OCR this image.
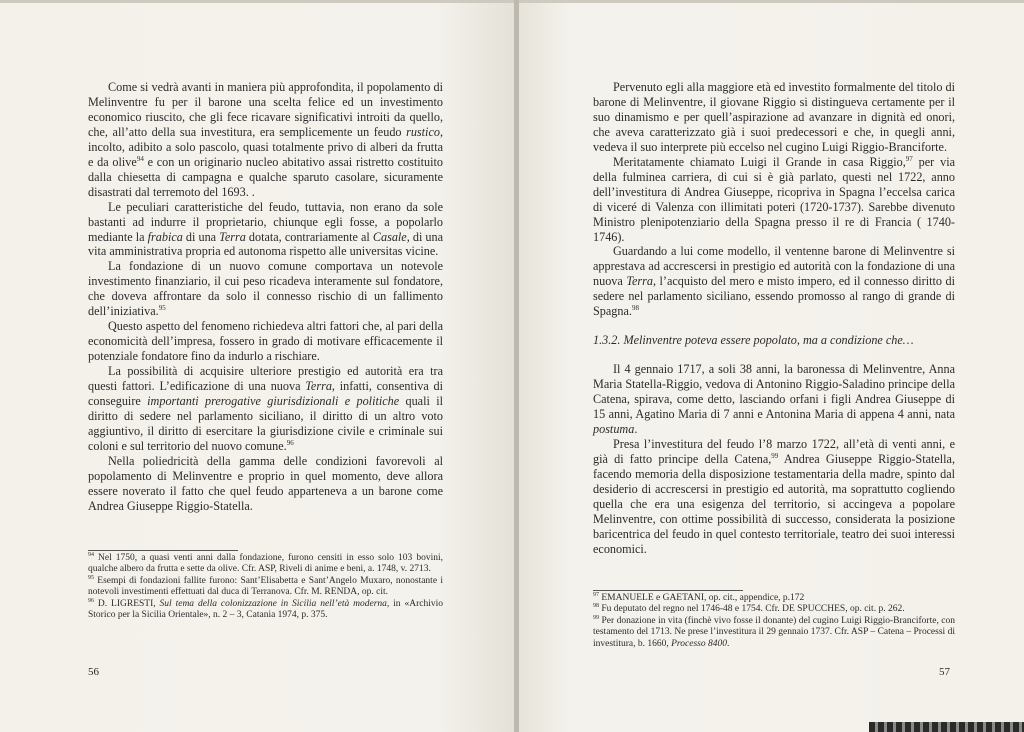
Come si vedrà avanti in maniera più approfondita, il popolamento di Melinventre fu per il barone una scelta felice ed un investimento economico riuscito, che gli fece ricavare significativi introiti da quello, che, all’atto della sua investitura, era semplicemente un feudo rustico, incolto, adibito a solo pascolo, quasi totalmente privo di alberi da frutta e da olive$^{94}$ e con un originario nucleo abitativo assai ristretto costituito dalla chiesetta di campagna e qualche sparuto casolare, sicuramente disastrati dal terremoto del 1693. .

Le peculiari caratteristiche del feudo, tuttavia, non erano da sole bastanti ad indurre il proprietario, chiunque egli fosse, a popolarlo mediante la frabica di una Terra dotata, contrariamente al Casale, di una vita amministrativa propria ed autonoma rispetto alle universitas vicine.

La fondazione di un nuovo comune comportava un notevole investimento finanziario, il cui peso ricadeva interamente sul fondatore, che doveva affrontare da solo il connesso rischio di un fallimento dell’iniziativa.$^{95}$

Questo aspetto del fenomeno richiedeva altri fattori che, al pari della economicità dell’impresa, fossero in grado di motivare efficacemente il potenziale fondatore fino da indurlo a rischiare.

La possibilità di acquisire ulteriore prestigio ed autorità era tra questi fattori. L’edificazione di una nuova Terra, infatti, consentiva di conseguire importanti prerogative giurisdizionali e politiche quali il diritto di sedere nel parlamento siciliano, il diritto di un altro voto aggiuntivo, il diritto di esercitare la giurisdizione civile e criminale sui coloni e sul territorio del nuovo comune.$^{96}$

Nella poliedricità della gamma delle condizioni favorevoli al popolamento di Melinventre e proprio in quel momento, deve allora essere noverato il fatto che quel feudo apparteneva a un barone come Andrea Giuseppe Riggio-Statella.

$^{94}$ Nel 1750, a quasi venti anni dalla fondazione, furono censiti in esso solo 103 bovini, qualche albero da frutta e sette da olive. Cfr. ASP, Riveli di anime e beni, a. 1748, v. 2713.

$^{95}$ Esempi di fondazioni fallite furono: Sant’Elisabetta e Sant’Angelo Muxaro, nonostante i notevoli investimenti effettuati dal duca di Terranova. Cfr. M. RENDA, op. cit.

$^{96}$ D. LIGRESTI, Sul tema della colonizzazione in Sicilia nell’età moderna, in «Archivio Storico per la Sicilia Orientale», n. 2 – 3, Catania 1974, p. 375.

56

Pervenuto egli alla maggiore età ed investito formalmente del titolo di barone di Melinventre, il giovane Riggio si distingueva certamente per il suo dinamismo e per quell’aspirazione ad avanzare in dignità ed onori, che aveva caratterizzato già i suoi predecessori e che, in quegli anni, vedeva il suo interprete più eccelso nel cugino Luigi Riggio-Branciforte.

Meritatamente chiamato Luigi il Grande in casa Riggio,$^{97}$ per via della fulminea carriera, di cui si è già parlato, questi nel 1722, anno dell’investitura di Andrea Giuseppe, ricopriva in Spagna l’eccelsa carica di viceré di Valenza con illimitati poteri (1720-1737). Sarebbe divenuto Ministro plenipotenziario della Spagna presso il re di Francia ( 1740-1746).

Guardando a lui come modello, il ventenne barone di Melinventre si apprestava ad accrescersi in prestigio ed autorità con la fondazione di una nuova Terra, l’acquisto del mero e misto impero, ed il connesso diritto di sedere nel parlamento siciliano, essendo promosso al rango di grande di Spagna.$^{98}$

1.3.2. Melinventre poteva essere popolato, ma a condizione che…

Il 4 gennaio 1717, a soli 38 anni, la baronessa di Melinventre, Anna Maria Statella-Riggio, vedova di Antonino Riggio-Saladino principe della Catena, spirava, come detto, lasciando orfani i figli Andrea Giuseppe di 15 anni, Agatino Maria di 7 anni e Antonina Maria di appena 4 anni, nata postuma.

Presa l’investitura del feudo l’8 marzo 1722, all’età di venti anni, e già di fatto principe della Catena,$^{99}$ Andrea Giuseppe Riggio-Statella, facendo memoria della disposizione testamentaria della madre, spinto dal desiderio di accrescersi in prestigio ed autorità, ma soprattutto cogliendo quella che era una esigenza del territorio, si accingeva a popolare Melinventre, con ottime possibilità di successo, considerata la posizione baricentrica del feudo in quel contesto territoriale, teatro dei suoi interessi economici.

$^{97}$ EMANUELE e GAETANI, op. cit., appendice, p.172

$^{98}$ Fu deputato del regno nel 1746-48 e 1754. Cfr. DE SPUCCHES, op. cit. p. 262.

$^{99}$ Per donazione in vita (finchè vivo fosse il donante) del cugino Luigi Riggio-Branciforte, con testamento del 1713. Ne prese l’investitura il 29 gennaio 1737. Cfr. ASP – Catena – Processi di investitura, b. 1660, Processo 8400.

57
